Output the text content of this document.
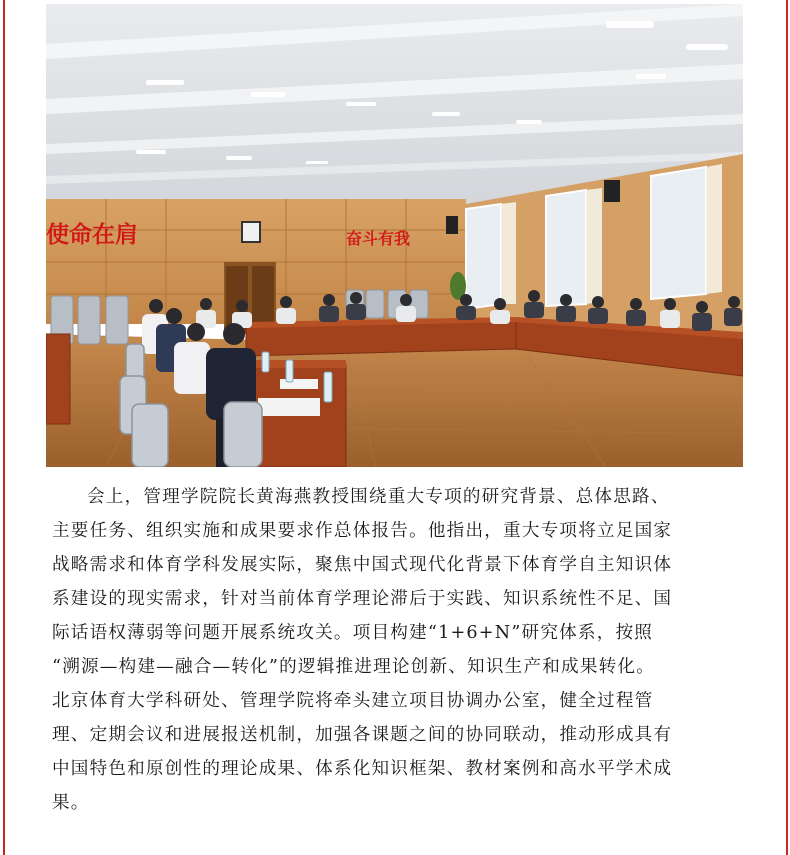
使命在肩	奋斗有我
会上，管理学院院长黄海燕教授围绕重大专项的研究背景、总体思路、
主要任务、组织实施和成果要求作总体报告。他指出，重大专项将立足国家
战略需求和体育学科发展实际，聚焦中国式现代化背景下体育学自主知识体
系建设的现实需求，针对当前体育学理论滞后于实践、知识系统性不足、国
际话语权薄弱等问题开展系统攻关。项目构建“1+6+N”研究体系，按照
“溯源—构建—融合—转化”的逻辑推进理论创新、知识生产和成果转化。
北京体育大学科研处、管理学院将牵头建立项目协调办公室，健全过程管
理、定期会议和进展报送机制，加强各课题之间的协同联动，推动形成具有
中国特色和原创性的理论成果、体系化知识框架、教材案例和高水平学术成
果。
